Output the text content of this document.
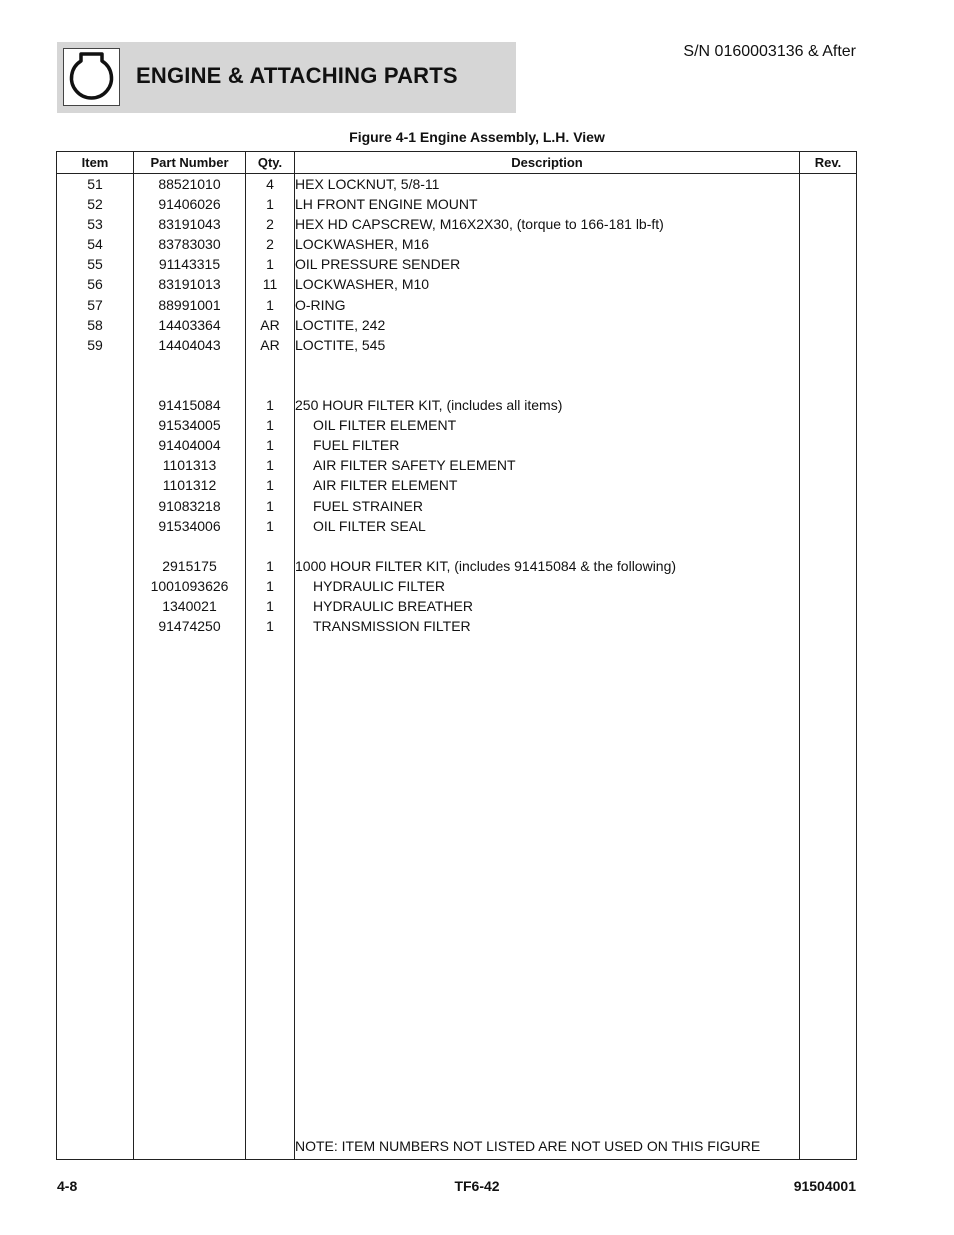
ENGINE & ATTACHING PARTS
S/N 0160003136 & After
Figure 4-1 Engine Assembly, L.H. View
Item	Part Number	Qty.	Description	Rev.
51	88521010	4	HEX LOCKNUT, 5/8-11	
52	91406026	1	LH FRONT ENGINE MOUNT	
53	83191043	2	HEX HD CAPSCREW, M16X2X30, (torque to 166-181 lb-ft)	
54	83783030	2	LOCKWASHER, M16	
55	91143315	1	OIL PRESSURE SENDER	
56	83191013	11	LOCKWASHER, M10	
57	88991001	1	O-RING	
58	14403364	AR	LOCTITE, 242	
59	14404043	AR	LOCTITE, 545	

	91415084	1	250 HOUR FILTER KIT, (includes all items)	
	91534005	1	OIL FILTER ELEMENT	
	91404004	1	FUEL FILTER	
	1101313	1	AIR FILTER SAFETY ELEMENT	
	1101312	1	AIR FILTER ELEMENT	
	91083218	1	FUEL STRAINER	
	91534006	1	OIL FILTER SEAL	

	2915175	1	1000 HOUR FILTER KIT, (includes 91415084 & the following)	
	1001093626	1	HYDRAULIC FILTER	
	1340021	1	HYDRAULIC BREATHER	
	91474250	1	TRANSMISSION FILTER	

			NOTE: ITEM NUMBERS NOT LISTED ARE NOT USED ON THIS FIGURE	
4-8	TF6-42	91504001
